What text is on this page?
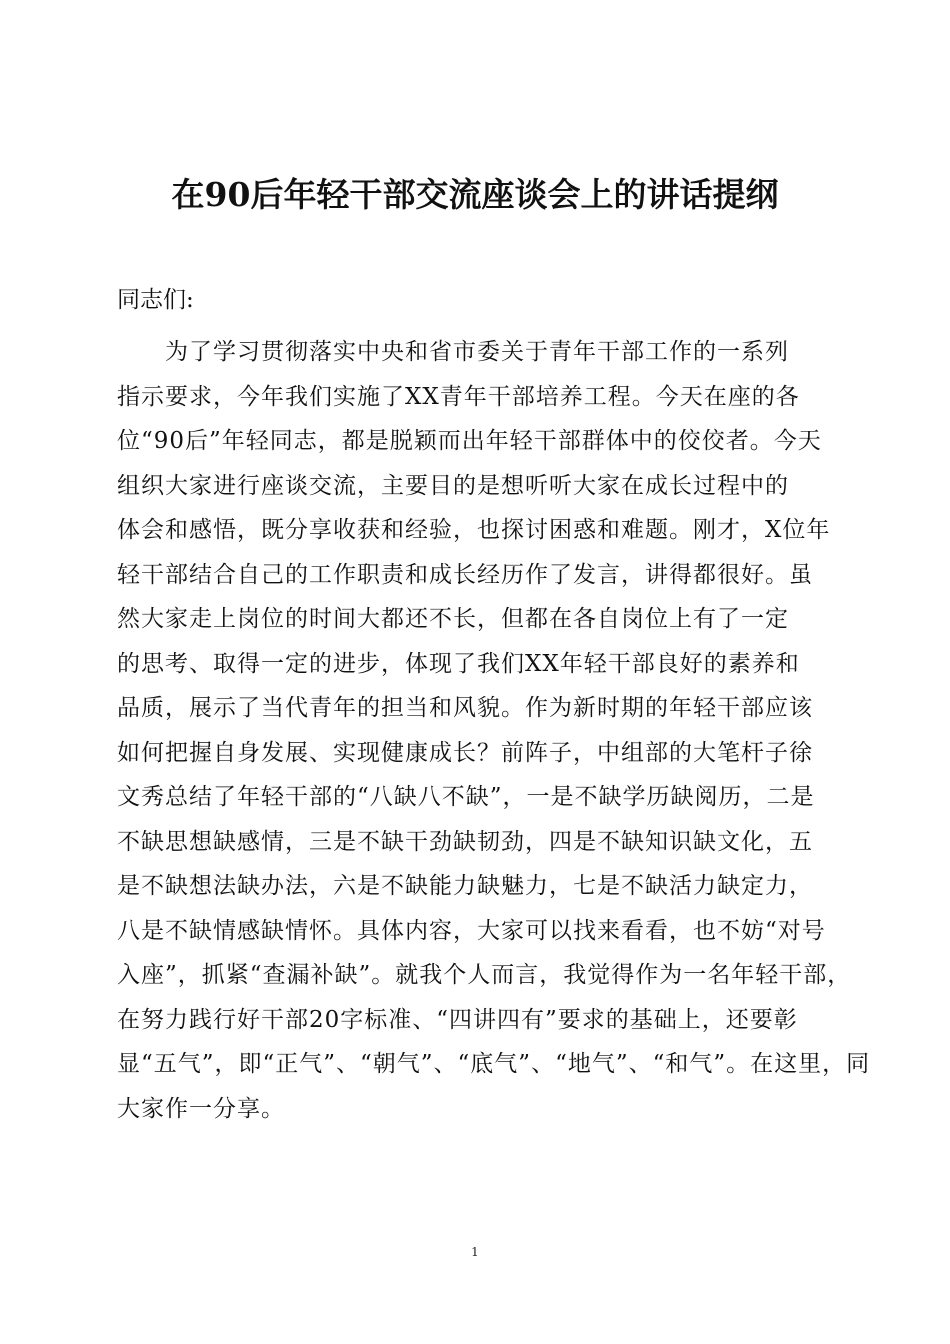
在90后年轻干部交流座谈会上的讲话提纲

同志们:

　　为了学习贯彻落实中央和省市委关于青年干部工作的一系列
指示要求，今年我们实施了XX青年干部培养工程。今天在座的各
位“90后”年轻同志，都是脱颖而出年轻干部群体中的佼佼者。今天
组织大家进行座谈交流，主要目的是想听听大家在成长过程中的
体会和感悟，既分享收获和经验，也探讨困惑和难题。刚才，X位年
轻干部结合自己的工作职责和成长经历作了发言，讲得都很好。虽
然大家走上岗位的时间大都还不长，但都在各自岗位上有了一定
的思考、取得一定的进步，体现了我们XX年轻干部良好的素养和
品质，展示了当代青年的担当和风貌。作为新时期的年轻干部应该
如何把握自身发展、实现健康成长？前阵子，中组部的大笔杆子徐
文秀总结了年轻干部的“八缺八不缺”，一是不缺学历缺阅历，二是
不缺思想缺感情，三是不缺干劲缺韧劲，四是不缺知识缺文化，五
是不缺想法缺办法，六是不缺能力缺魅力，七是不缺活力缺定力，
八是不缺情感缺情怀。具体内容，大家可以找来看看，也不妨“对号
入座”，抓紧“查漏补缺”。就我个人而言，我觉得作为一名年轻干部，
在努力践行好干部20字标准、“四讲四有”要求的基础上，还要彰
显“五气”，即“正气”、“朝气”、“底气”、“地气”、“和气”。在这里，同
大家作一分享。
1
